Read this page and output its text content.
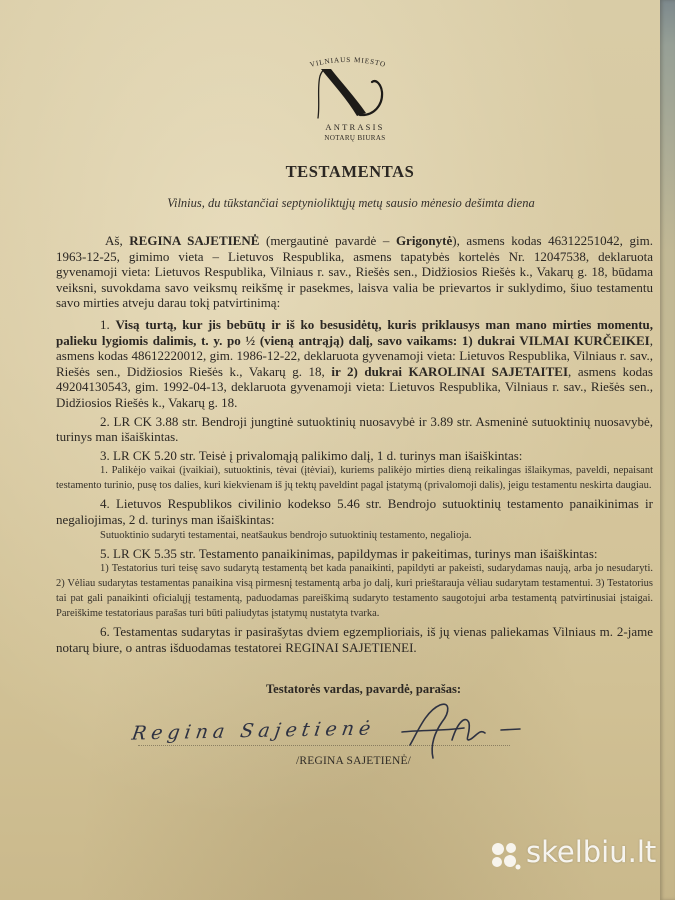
VILNIAUS MIESTO
ANTRASIS
NOTARŲ BIURAS
TESTAMENTAS
Vilnius, du tūkstančiai septynioliktųjų metų sausio mėnesio dešimta diena
Aš, REGINA SAJETIENĖ (mergautinė pavardė – Grigonytė), asmens kodas 46312251042, gim. 1963-12-25, gimimo vieta – Lietuvos Respublika, asmens tapatybės kortelės Nr. 12047538, deklaruota gyvenamoji vieta: Lietuvos Respublika, Vilniaus r. sav., Riešės sen., Didžiosios Riešės k., Vakarų g. 18, būdama veiksni, suvokdama savo veiksmų reikšmę ir pasekmes, laisva valia be prievartos ir suklydimo, šiuo testamentu savo mirties atveju darau tokį patvirtinimą:
1. Visą turtą, kur jis bebūtų ir iš ko besusidėtų, kuris priklausys man mano mirties momentu, palieku lygiomis dalimis, t. y. po ½ (vieną antrąją) dalį, savo vaikams: 1) dukrai VILMAI KURČEIKEI, asmens kodas 48612220012, gim. 1986-12-22, deklaruota gyvenamoji vieta: Lietuvos Respublika, Vilniaus r. sav., Riešės sen., Didžiosios Riešės k., Vakarų g. 18, ir 2) dukrai KAROLINAI SAJETAITEI, asmens kodas 49204130543, gim. 1992-04-13, deklaruota gyvenamoji vieta: Lietuvos Respublika, Vilniaus r. sav., Riešės sen., Didžiosios Riešės k., Vakarų g. 18.
2. LR CK 3.88 str. Bendroji jungtinė sutuoktinių nuosavybė ir 3.89 str. Asmeninė sutuoktinių nuosavybė, turinys man išaiškintas.
3. LR CK 5.20 str. Teisė į privalomąją palikimo dalį, 1 d. turinys man išaiškintas:
1. Palikėjo vaikai (įvaikiai), sutuoktinis, tėvai (įtėviai), kuriems palikėjo mirties dieną reikalingas išlaikymas, paveldi, nepaisant testamento turinio, pusę tos dalies, kuri kiekvienam iš jų tektų paveldint pagal įstatymą (privalomoji dalis), jeigu testamentu neskirta daugiau.
4. Lietuvos Respublikos civilinio kodekso 5.46 str. Bendrojo sutuoktinių testamento panaikinimas ir negaliojimas, 2 d. turinys man išaiškintas:
Sutuoktinio sudaryti testamentai, neatšaukus bendrojo sutuoktinių testamento, negalioja.
5. LR CK 5.35 str. Testamento panaikinimas, papildymas ir pakeitimas, turinys man išaiškintas:
1) Testatorius turi teisę savo sudarytą testamentą bet kada panaikinti, papildyti ar pakeisti, sudarydamas naują, arba jo nesudaryti. 2) Vėliau sudarytas testamentas panaikina visą pirmesnį testamentą arba jo dalį, kuri prieštarauja vėliau sudarytam testamentui. 3) Testatorius tai pat gali panaikinti oficialųjį testamentą, paduodamas pareiškimą sudaryto testamento saugotojui arba testamentą patvirtinusiai įstaigai. Pareiškime testatoriaus parašas turi būti paliudytas įstatymų nustatyta tvarka.
6. Testamentas sudarytas ir pasirašytas dviem egzemplioriais, iš jų vienas paliekamas Vilniaus m. 2-jame notarų biure, o antras išduodamas testatorei REGINAI SAJETIENEI.
Testatorės vardas, pavardė, parašas:
Regina Sajetienė
/REGINA SAJETIENĖ/
skelbiu.lt
